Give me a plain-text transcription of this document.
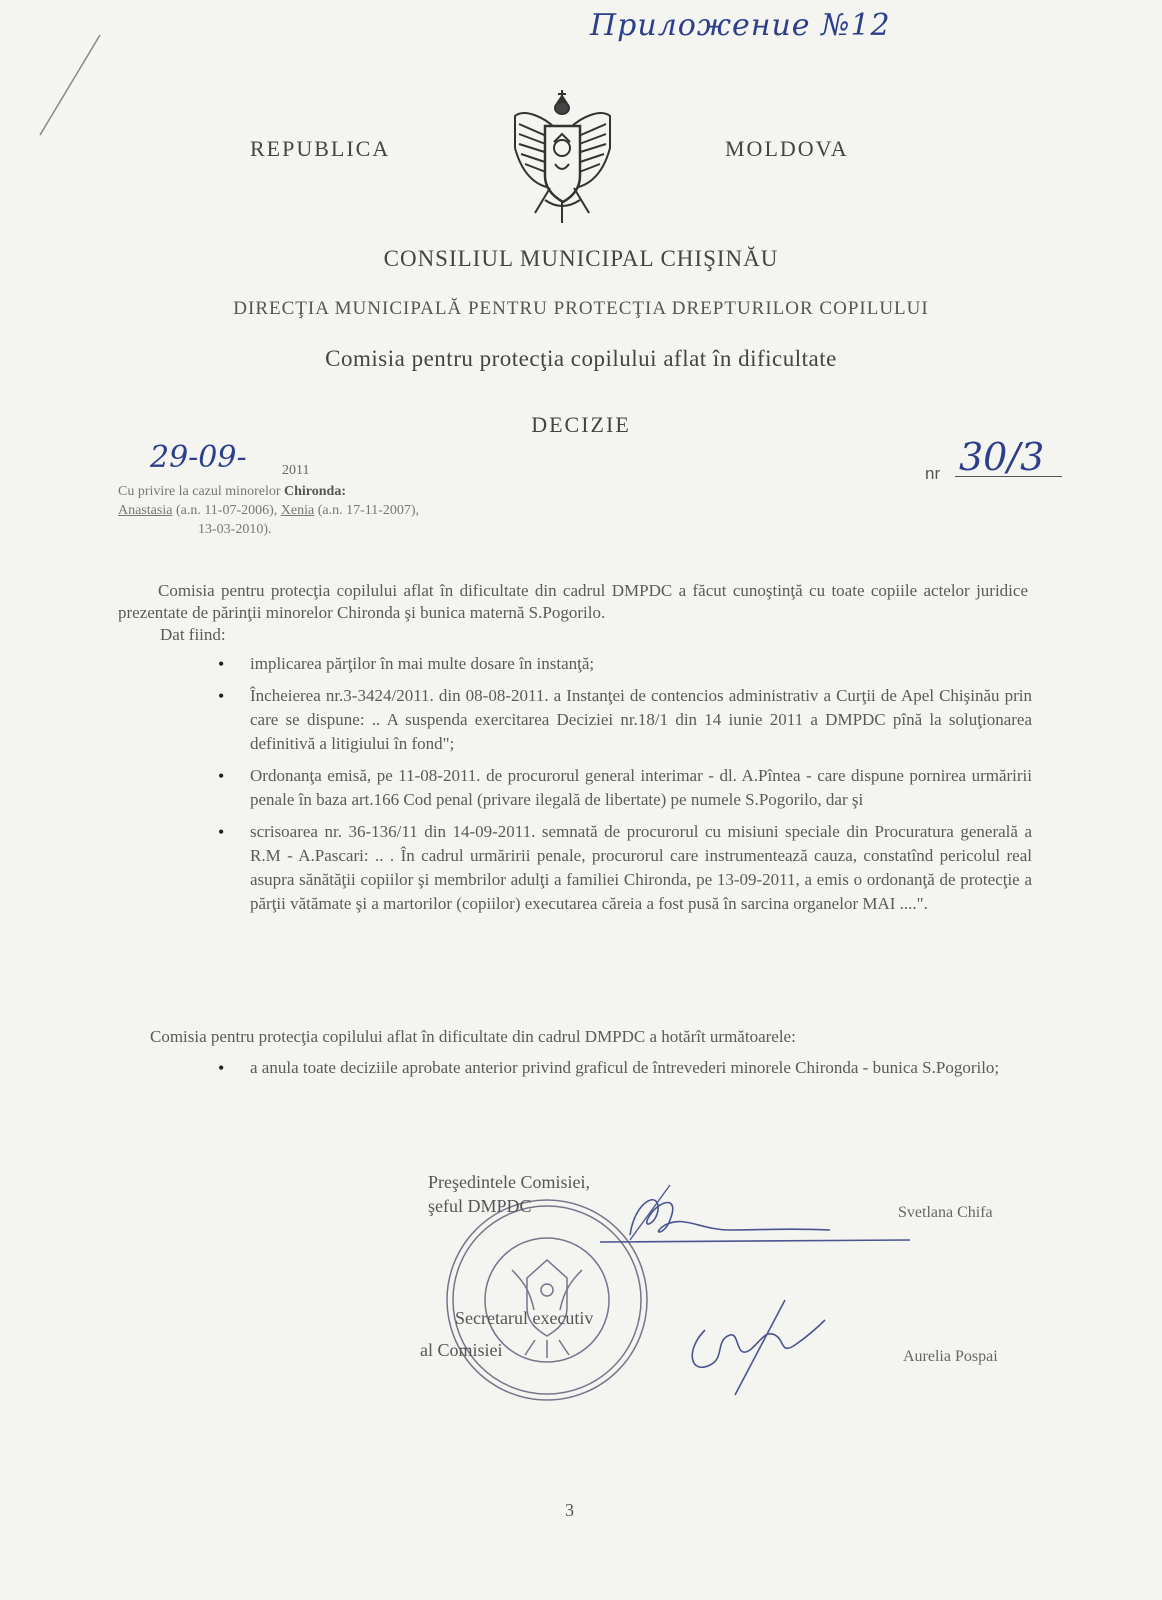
Приложение №12
REPUBLICA	MOLDOVA
CONSILIUL MUNICIPAL CHIŞINĂU
DIRECŢIA MUNICIPALĂ PENTRU PROTECŢIA DREPTURILOR COPILULUI
Comisia pentru protecţia copilului aflat în dificultate
DECIZIE
29-09-	2011	nr 30/3
Cu privire la cazul minorelor Chironda:
Anastasia (a.n. 11-07-2006), Xenia (a.n. 17-11-2007),
13-03-2010).
Comisia pentru protecţia copilului aflat în dificultate din cadrul DMPDC a făcut cunoştinţă cu toate copiile actelor juridice prezentate de părinţii minorelor Chironda şi bunica maternă S.Pogorilo.
Dat fiind:
• implicarea părţilor în mai multe dosare în instanţă;
• Încheierea nr.3-3424/2011. din 08-08-2011. a Instanţei de contencios administrativ a Curţii de Apel Chişinău prin care se dispune: .. A suspenda exercitarea Deciziei nr.18/1 din 14 iunie 2011 a DMPDC pînă la soluţionarea definitivă a litigiului în fond";
• Ordonanţa emisă, pe 11-08-2011. de procurorul general interimar - dl. A.Pîntea - care dispune pornirea urmăririi penale în baza art.166 Cod penal (privare ilegală de libertate) pe numele S.Pogorilo, dar şi
• scrisoarea nr. 36-136/11 din 14-09-2011. semnată de procurorul cu misiuni speciale din Procuratura generală a R.M - A.Pascari: .. . În cadrul urmăririi penale, procurorul care instrumentează cauza, constatînd pericolul real asupra sănătăţii copiilor şi membrilor adulţi a familiei Chironda, pe 13-09-2011, a emis o ordonanţă de protecţie a părţii vătămate şi a martorilor (copiilor) executarea căreia a fost pusă în sarcina organelor MAI ....".
Comisia pentru protecţia copilului aflat în dificultate din cadrul DMPDC a hotărît următoarele:
• a anula toate deciziile aprobate anterior privind graficul de întrevederi minorele Chironda - bunica S.Pogorilo;
Preşedintele Comisiei,
şeful DMPDC	Svetlana Chifa
Secretarul executiv
al Comisiei	Aurelia Pospai
3
